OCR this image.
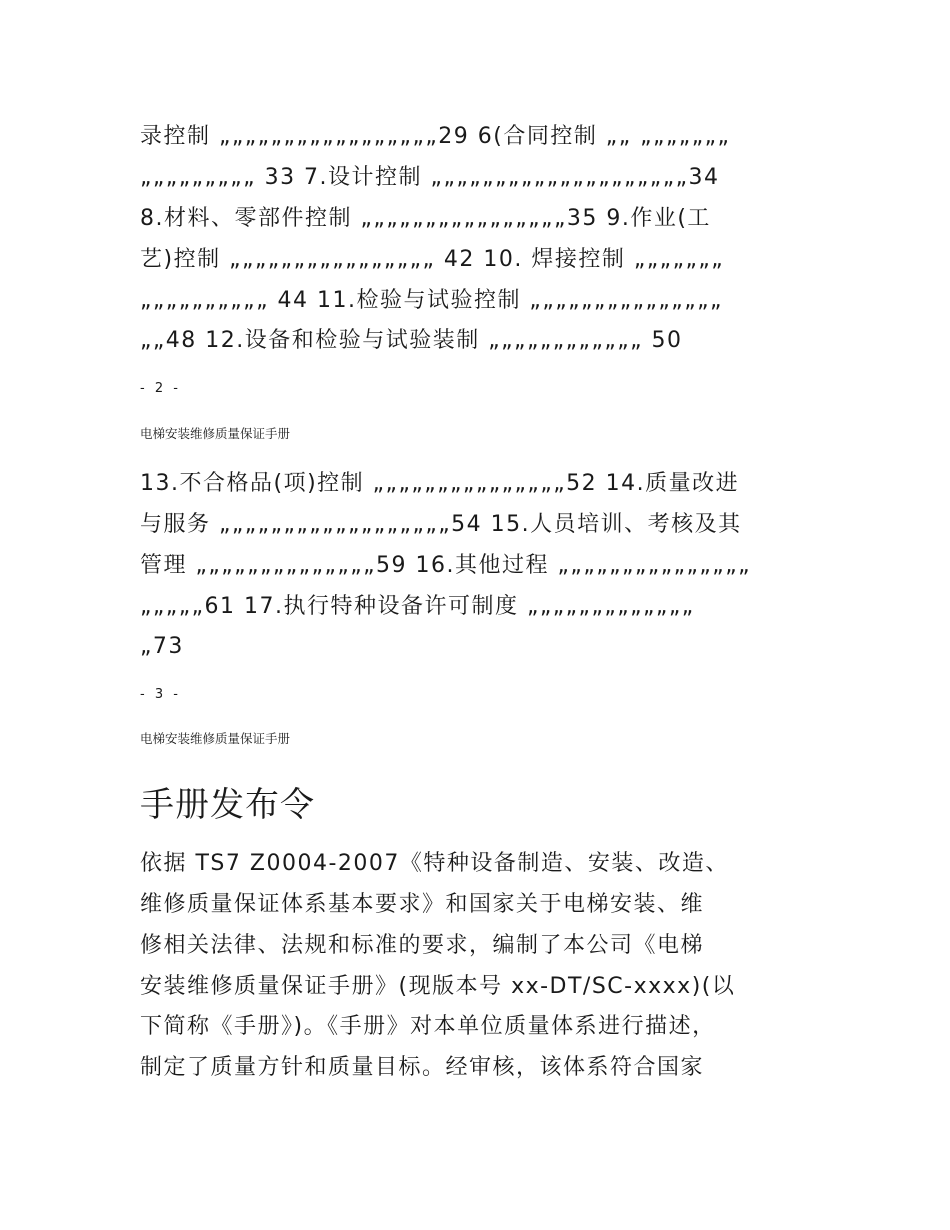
录控制 „„„„„„„„„„„„„„„„„29 6(合同控制 „„ „„„„„„„
„„„„„„„„„ 33 7.设计控制 „„„„„„„„„„„„„„„„„„„„34
8.材料、零部件控制 „„„„„„„„„„„„„„„„35 9.作业(工
艺)控制 „„„„„„„„„„„„„„„„ 42 10. 焊接控制 „„„„„„„
„„„„„„„„„„ 44 11.检验与试验控制 „„„„„„„„„„„„„„„
„„48 12.设备和检验与试验装制 „„„„„„„„„„„„ 50
- 2 -
电梯安装维修质量保证手册
13.不合格品(项)控制 „„„„„„„„„„„„„„„52 14.质量改进
与服务 „„„„„„„„„„„„„„„„„„54 15.人员培训、考核及其
管理 „„„„„„„„„„„„„„59 16.其他过程 „„„„„„„„„„„„„„„
„„„„„61 17.执行特种设备许可制度 „„„„„„„„„„„„„
„73
- 3 -
电梯安装维修质量保证手册
手册发布令
依据 TS7 Z0004-2007《特种设备制造、安装、改造、
维修质量保证体系基本要求》和国家关于电梯安装、维
修相关法律、法规和标准的要求，编制了本公司《电梯
安装维修质量保证手册》(现版本号 xx-DT/SC-xxxx)(以
下简称《手册》)。《手册》对本单位质量体系进行描述，
制定了质量方针和质量目标。经审核，该体系符合国家
